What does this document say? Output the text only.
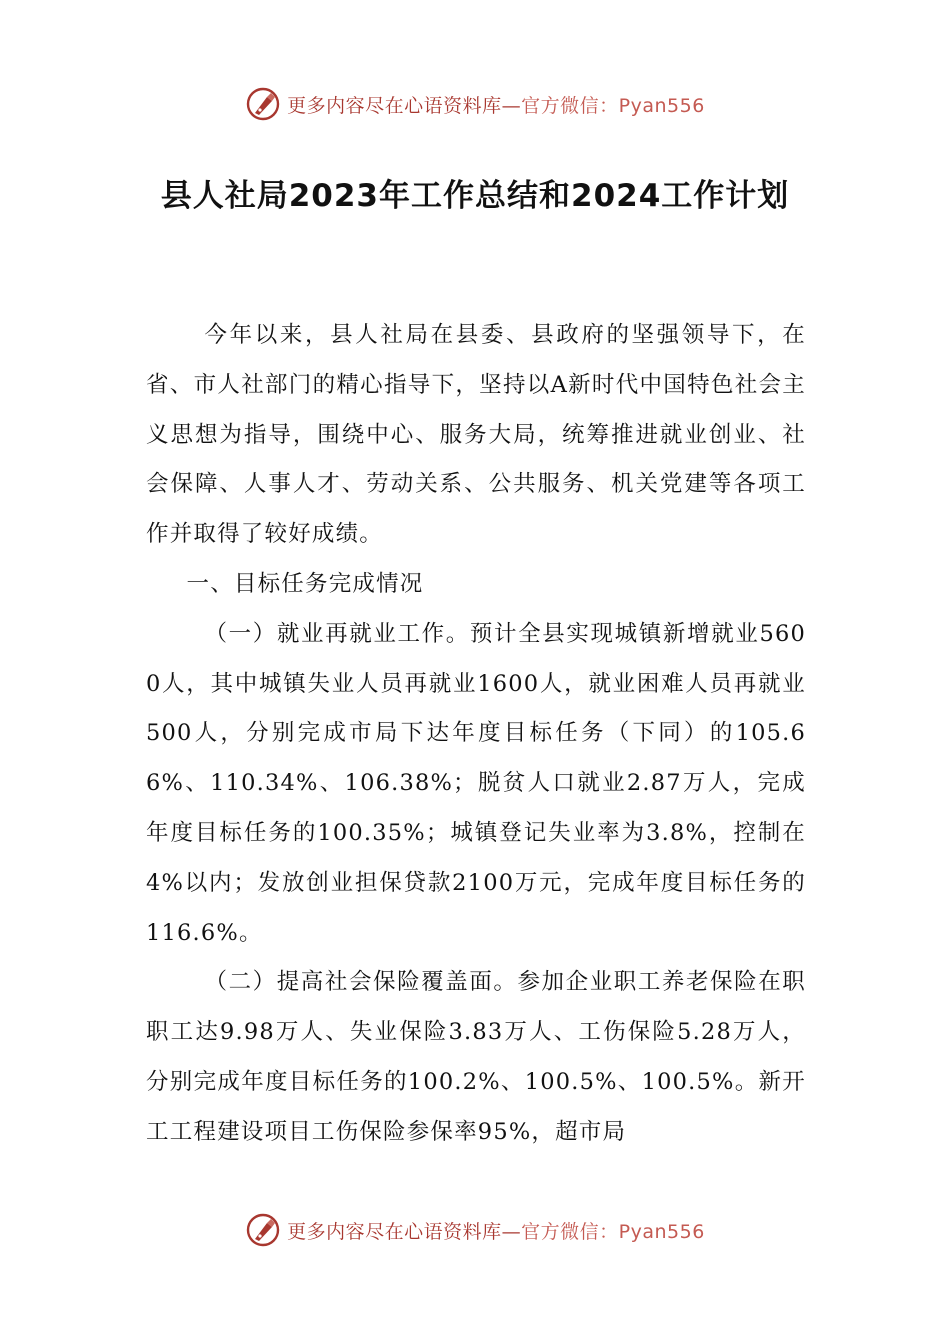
更多内容尽在心语资料库—官方微信：Pyan556
县人社局2023年工作总结和2024工作计划

今年以来，县人社局在县委、县政府的坚强领导下，在省、市人社部门的精心指导下，坚持以A新时代中国特色社会主义思想为指导，围绕中心、服务大局，统筹推进就业创业、社会保障、人事人才、劳动关系、公共服务、机关党建等各项工作并取得了较好成绩。

一、目标任务完成情况

（一）就业再就业工作。预计全县实现城镇新增就业5600人，其中城镇失业人员再就业1600人，就业困难人员再就业500人，分别完成市局下达年度目标任务（下同）的105.66%、110.34%、106.38%；脱贫人口就业2.87万人，完成年度目标任务的100.35%；城镇登记失业率为3.8%，控制在4%以内；发放创业担保贷款2100万元，完成年度目标任务的116.6%。

（二）提高社会保险覆盖面。参加企业职工养老保险在职职工达9.98万人、失业保险3.83万人、工伤保险5.28万人，分别完成年度目标任务的100.2%、100.5%、100.5%。新开工工程建设项目工伤保险参保率95%，超市局

更多内容尽在心语资料库—官方微信：Pyan556
